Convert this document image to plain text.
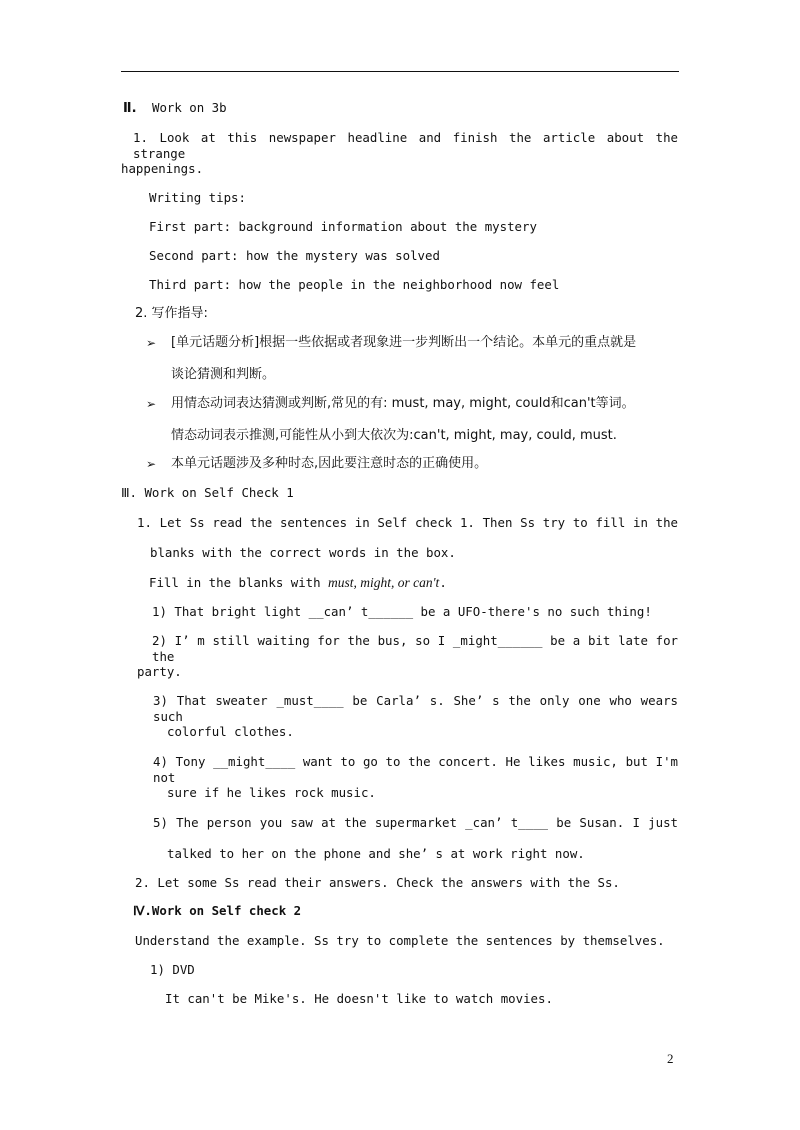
Ⅱ. Work on 3b
1. Look at this newspaper headline and finish the article about the strange
happenings.
Writing tips:
First part: background information about the mystery
Second part: how the mystery was solved
Third part: how the people in the neighborhood now feel
2. 写作指导:
➢ [单元话题分析]根据一些依据或者现象进一步判断出一个结论。本单元的重点就是
谈论猜测和判断。
➢ 用情态动词表达猜测或判断,常见的有: must, may, might, could和can't等词。
情态动词表示推测,可能性从小到大依次为:can't, might, may, could, must.
➢ 本单元话题涉及多种时态,因此要注意时态的正确使用。
Ⅲ. Work on Self Check 1
1. Let Ss read the sentences in Self check 1. Then Ss try to fill in the
blanks with the correct words in the box.
Fill in the blanks with must, might, or can't.
1) That bright light __can’ t______ be a UFO-there's no such thing!
2) I’ m still waiting for the bus, so I _might______ be a bit late for the
party.
3) That sweater _must____ be Carla’ s. She’ s the only one who wears such
colorful clothes.
4) Tony __might____ want to go to the concert. He likes music, but I'm not
sure if he likes rock music.
5) The person you saw at the supermarket _can’ t____ be Susan. I just
talked to her on the phone and she’ s at work right now.
2. Let some Ss read their answers. Check the answers with the Ss.
Ⅳ.Work on Self check 2
Understand the example. Ss try to complete the sentences by themselves.
1) DVD
It can't be Mike's. He doesn't like to watch movies.
2
